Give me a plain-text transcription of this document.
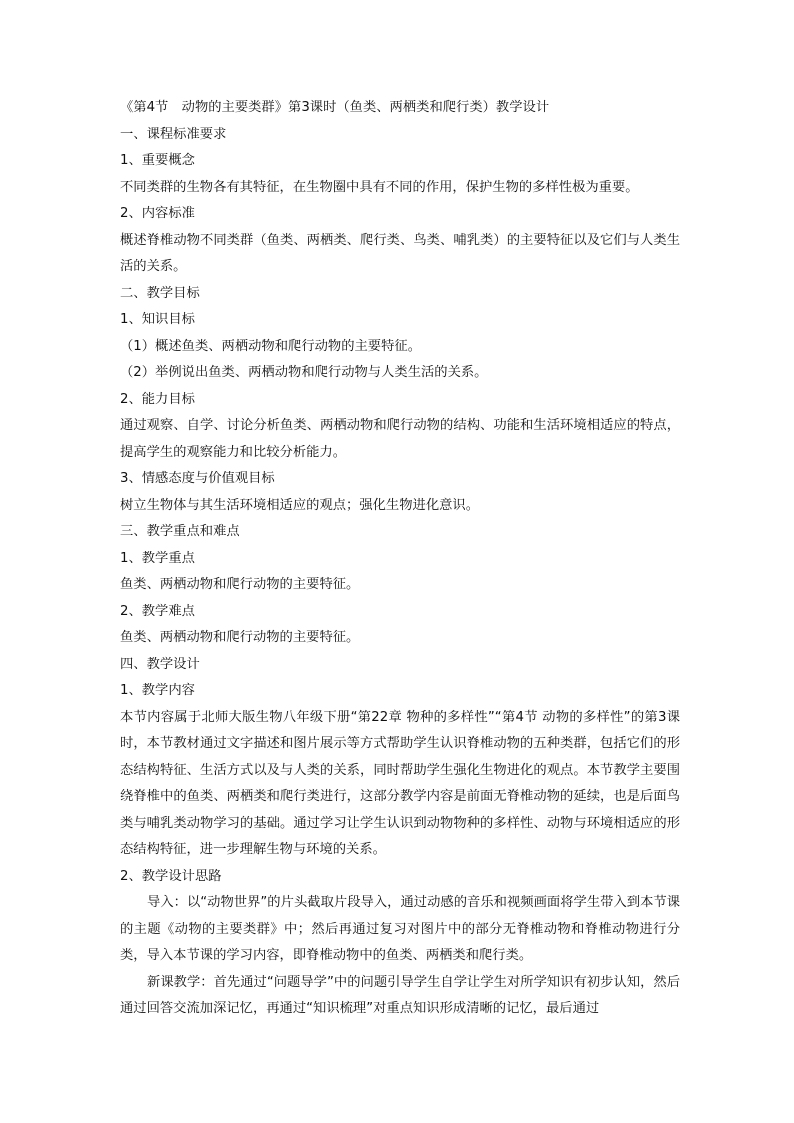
《第4节　动物的主要类群》第3课时（鱼类、两栖类和爬行类）教学设计

一、课程标准要求

1、重要概念

不同类群的生物各有其特征，在生物圈中具有不同的作用，保护生物的多样性极为重要。

2、内容标准

概述脊椎动物不同类群（鱼类、两栖类、爬行类、鸟类、哺乳类）的主要特征以及它们与人类生活的关系。

二、教学目标

1、知识目标

（1）概述鱼类、两栖动物和爬行动物的主要特征。

（2）举例说出鱼类、两栖动物和爬行动物与人类生活的关系。

2、能力目标

通过观察、自学、讨论分析鱼类、两栖动物和爬行动物的结构、功能和生活环境相适应的特点，提高学生的观察能力和比较分析能力。

3、情感态度与价值观目标

树立生物体与其生活环境相适应的观点；强化生物进化意识。

三、教学重点和难点

1、教学重点

鱼类、两栖动物和爬行动物的主要特征。

2、教学难点

鱼类、两栖动物和爬行动物的主要特征。

四、教学设计

1、教学内容

本节内容属于北师大版生物八年级下册“第22章 物种的多样性”“第4节 动物的多样性”的第3课时，本节教材通过文字描述和图片展示等方式帮助学生认识脊椎动物的五种类群，包括它们的形态结构特征、生活方式以及与人类的关系，同时帮助学生强化生物进化的观点。本节教学主要围绕脊椎中的鱼类、两栖类和爬行类进行，这部分教学内容是前面无脊椎动物的延续，也是后面鸟类与哺乳类动物学习的基础。通过学习让学生认识到动物物种的多样性、动物与环境相适应的形态结构特征，进一步理解生物与环境的关系。

2、教学设计思路

导入：以“动物世界”的片头截取片段导入，通过动感的音乐和视频画面将学生带入到本节课的主题《动物的主要类群》中；然后再通过复习对图片中的部分无脊椎动物和脊椎动物进行分类，导入本节课的学习内容，即脊椎动物中的鱼类、两栖类和爬行类。

新课教学：首先通过“问题导学”中的问题引导学生自学让学生对所学知识有初步认知，然后通过回答交流加深记忆，再通过“知识梳理”对重点知识形成清晰的记忆，最后通过
